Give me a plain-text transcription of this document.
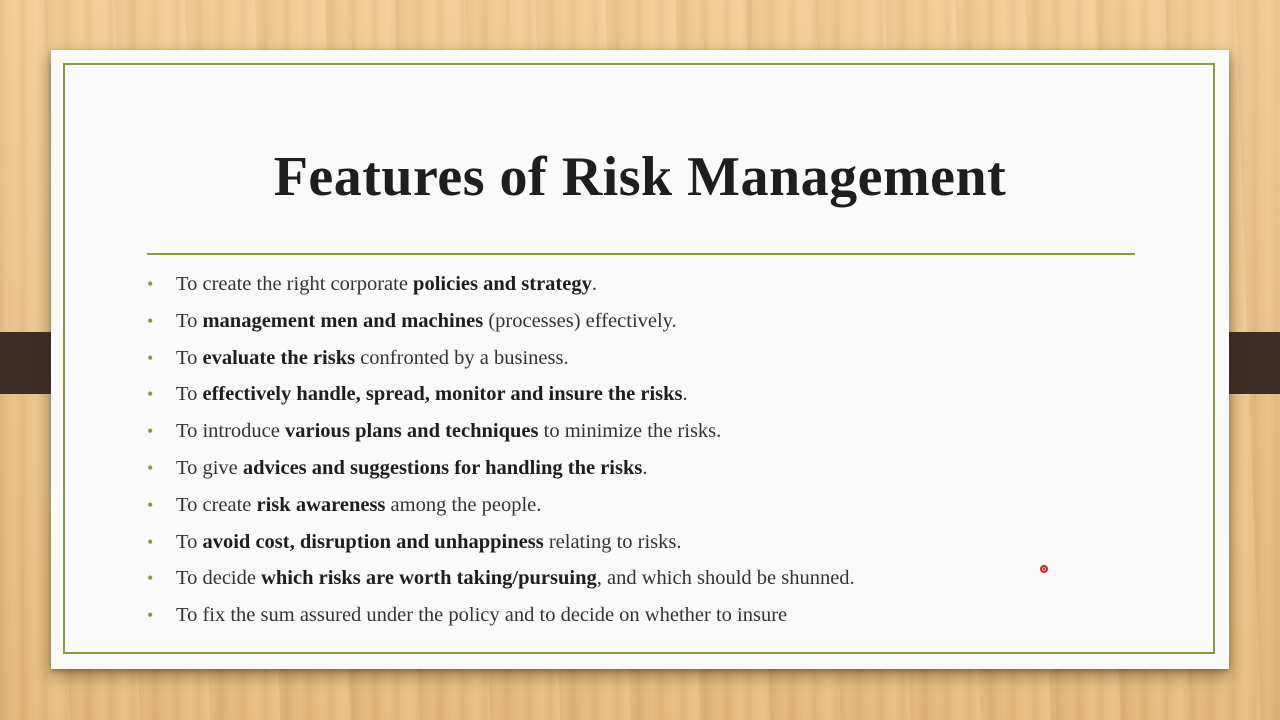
Features of Risk Management
• To create the right corporate policies and strategy.
• To management men and machines (processes) effectively.
• To evaluate the risks confronted by a business.
• To effectively handle, spread, monitor and insure the risks.
• To introduce various plans and techniques to minimize the risks.
• To give advices and suggestions for handling the risks.
• To create risk awareness among the people.
• To avoid cost, disruption and unhappiness relating to risks.
• To decide which risks are worth taking/pursuing, and which should be shunned.
• To fix the sum assured under the policy and to decide on whether to insure
